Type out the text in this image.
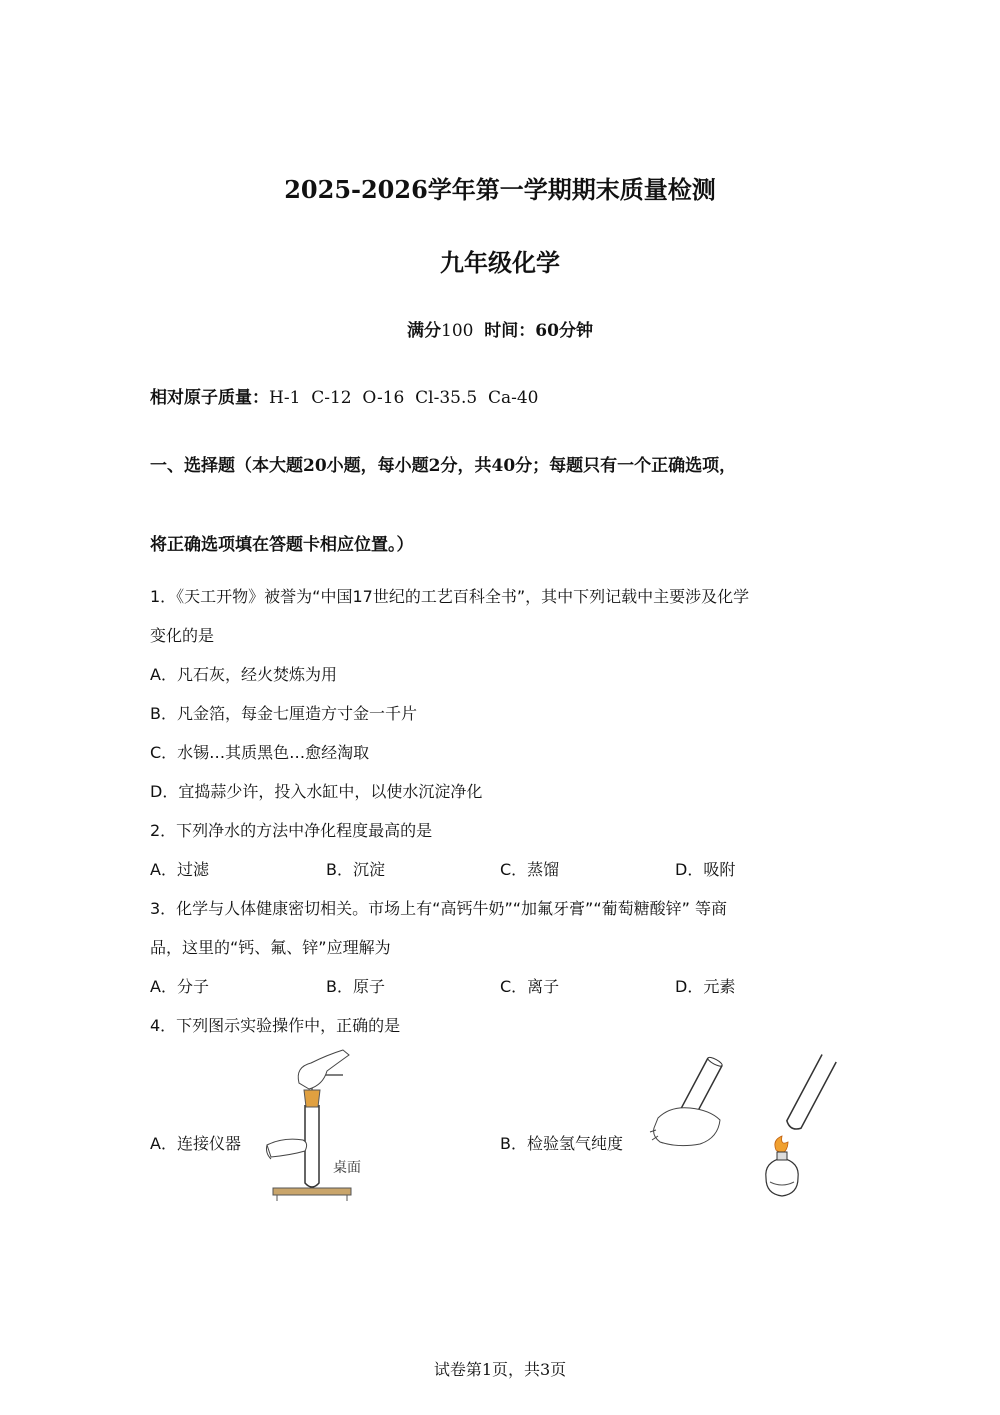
2025-2026学年第一学期期末质量检测
九年级化学
满分100 时间：60分钟
相对原子质量：H-1  C-12  O-16  Cl-35.5  Ca-40
一、选择题（本大题20小题，每小题2分，共40分；每题只有一个正确选项，
将正确选项填在答题卡相应位置。）
1．《天工开物》被誉为“中国17世纪的工艺百科全书”，其中下列记载中主要涉及化学
变化的是
A．凡石灰，经火焚炼为用
B．凡金箔，每金七厘造方寸金一千片
C．水锡…其质黑色…愈经淘取
D．宜捣蒜少许，投入水缸中，以使水沉淀净化
2．下列净水的方法中净化程度最高的是
A．过滤	B．沉淀	C．蒸馏	D．吸附
3．化学与人体健康密切相关。市场上有“高钙牛奶”“加氟牙膏”“葡萄糖酸锌” 等商
品，这里的“钙、氟、锌”应理解为
A．分子	B．原子	C．离子	D．元素
4．下列图示实验操作中，正确的是
A．连接仪器	B．检验氢气纯度
桌面
试卷第1页，共3页
